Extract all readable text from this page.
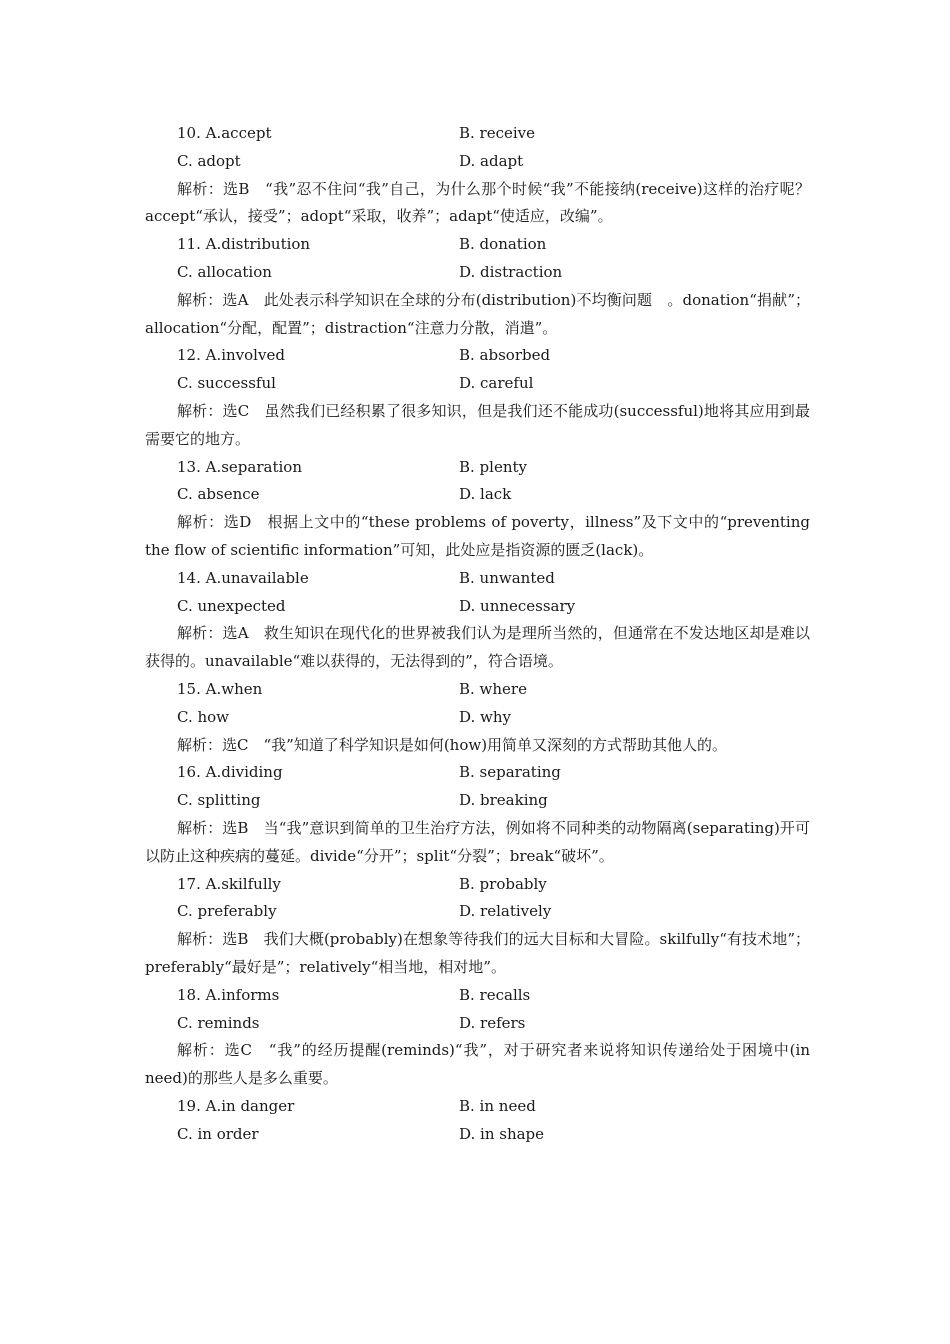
10. A.accept	B. receive
C. adopt	D. adapt

解析：选B　“我”忍不住问“我”自己，为什么那个时候“我”不能接纳(receive)这样的治疗呢？accept“承认，接受”；adopt“采取，收养”；adapt“使适应，改编”。

11. A.distribution	B. donation
C. allocation	D. distraction

解析：选A　此处表示科学知识在全球的分布(distribution)不均衡问题　。donation“捐献”；allocation“分配，配置”；distraction“注意力分散，消遣”。

12. A.involved	B. absorbed
C. successful	D. careful

解析：选C　虽然我们已经积累了很多知识，但是我们还不能成功(successful)地将其应用到最需要它的地方。

13. A.separation	B. plenty
C. absence	D. lack

解析：选D　根据上文中的“these problems of poverty，illness”及下文中的“preventing the flow of scientific information”可知，此处应是指资源的匮乏(lack)。

14. A.unavailable	B. unwanted
C. unexpected	D. unnecessary

解析：选A　救生知识在现代化的世界被我们认为是理所当然的，但通常在不发达地区却是难以获得的。unavailable“难以获得的，无法得到的”，符合语境。

15. A.when	B. where
C. how	D. why

解析：选C　“我”知道了科学知识是如何(how)用简单又深刻的方式帮助其他人的。

16. A.dividing	B. separating
C. splitting	D. breaking

解析：选B　当“我”意识到简单的卫生治疗方法，例如将不同种类的动物隔离(separating)开可以防止这种疾病的蔓延。divide“分开”；split“分裂”；break“破坏”。

17. A.skilfully	B. probably
C. preferably	D. relatively

解析：选B　我们大概(probably)在想象等待我们的远大目标和大冒险。skilfully“有技术地”；preferably“最好是”；relatively“相当地，相对地”。

18. A.informs	B. recalls
C. reminds	D. refers

解析：选C　“我”的经历提醒(reminds)“我”，对于研究者来说将知识传递给处于困境中(in need)的那些人是多么重要。

19. A.in danger	B. in need
C. in order	D. in shape
